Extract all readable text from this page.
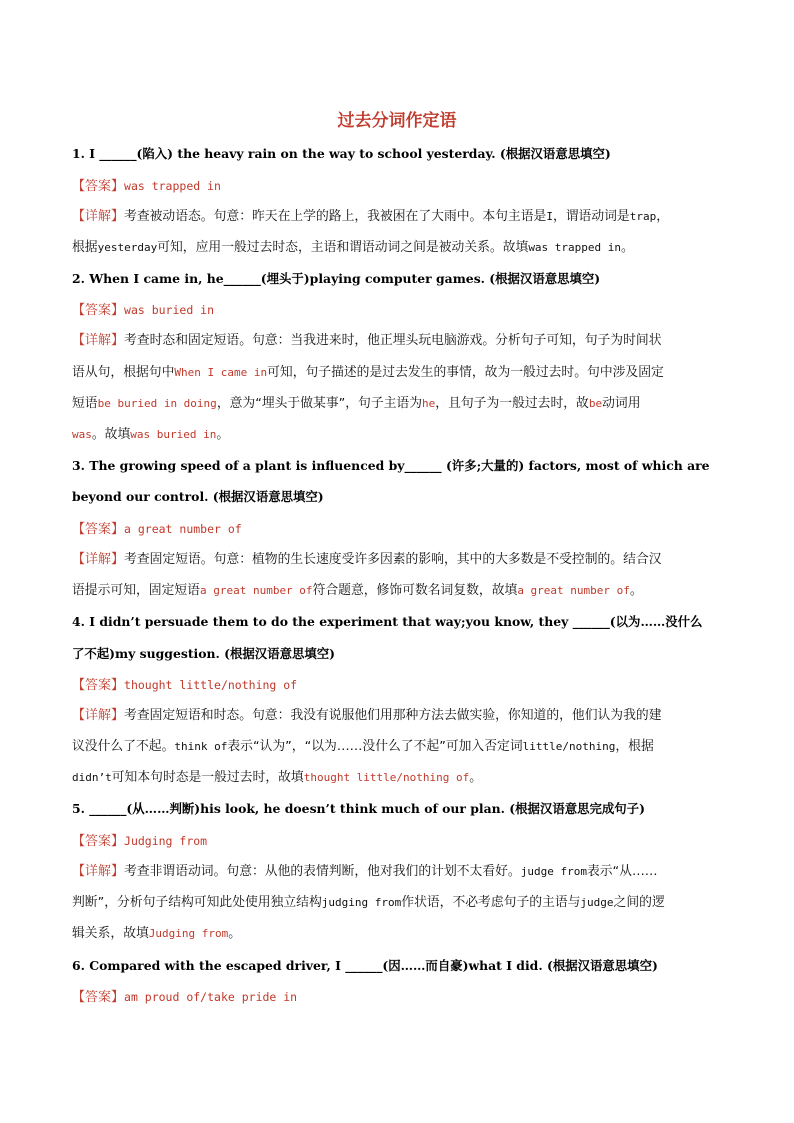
过去分词作定语
1. I ______(陷入) the heavy rain on the way to school yesterday. (根据汉语意思填空)
【答案】was trapped in
【详解】考查被动语态。句意：昨天在上学的路上，我被困在了大雨中。本句主语是I，谓语动词是trap，
根据yesterday可知，应用一般过去时态，主语和谓语动词之间是被动关系。故填was trapped in。
2. When I came in, he______(埋头于)playing computer games. (根据汉语意思填空)
【答案】was buried in
【详解】考查时态和固定短语。句意：当我进来时，他正埋头玩电脑游戏。分析句子可知，句子为时间状
语从句，根据句中When I came in可知，句子描述的是过去发生的事情，故为一般过去时。句中涉及固定
短语be buried in doing，意为“埋头于做某事”，句子主语为he，且句子为一般过去时，故be动词用
was。故填was buried in。
3. The growing speed of a plant is influenced by______ (许多;大量的) factors, most of which are
beyond our control. (根据汉语意思填空)
【答案】a great number of
【详解】考查固定短语。句意：植物的生长速度受许多因素的影响，其中的大多数是不受控制的。结合汉
语提示可知，固定短语a great number of符合题意，修饰可数名词复数，故填a great number of。
4. I didn’t persuade them to do the experiment that way;you know, they ______(以为……没什么
了不起)my suggestion. (根据汉语意思填空)
【答案】thought little/nothing of
【详解】考查固定短语和时态。句意：我没有说服他们用那种方法去做实验，你知道的，他们认为我的建
议没什么了不起。think of表示“认为”，“以为……没什么了不起”可加入否定词little/nothing，根据
didn’t可知本句时态是一般过去时，故填thought little/nothing of。
5. ______(从……判断)his look, he doesn’t think much of our plan. (根据汉语意思完成句子)
【答案】Judging from
【详解】考查非谓语动词。句意：从他的表情判断，他对我们的计划不太看好。judge from表示“从……
判断”，分析句子结构可知此处使用独立结构judging from作状语，不必考虑句子的主语与judge之间的逻
辑关系，故填Judging from。
6. Compared with the escaped driver, I ______(因……而自豪)what I did. (根据汉语意思填空)
【答案】am proud of/take pride in
